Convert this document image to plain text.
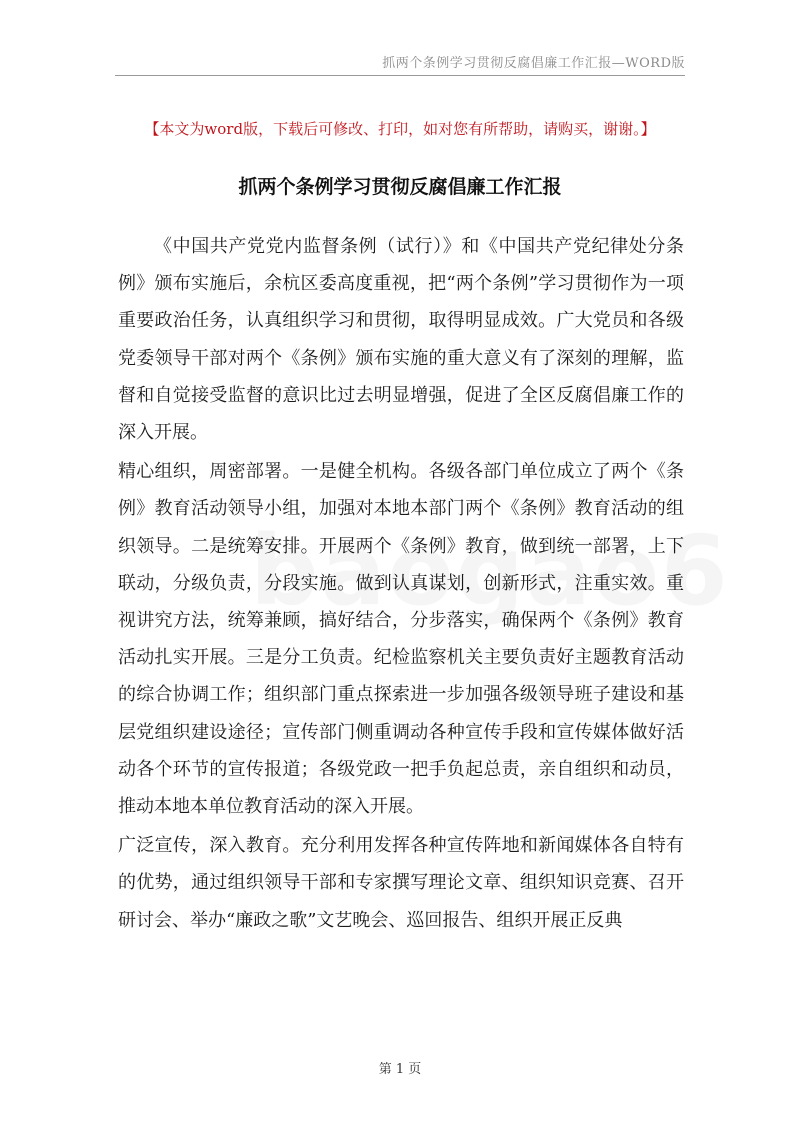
抓两个条例学习贯彻反腐倡廉工作汇报—WORD版
【本文为word版，下载后可修改、打印，如对您有所帮助，请购买，谢谢。】
抓两个条例学习贯彻反腐倡廉工作汇报

《中国共产党党内监督条例（试行）》和《中国共产党纪律处分条例》颁布实施后，余杭区委高度重视，把“两个条例”学习贯彻作为一项重要政治任务，认真组织学习和贯彻，取得明显成效。广大党员和各级党委领导干部对两个《条例》颁布实施的重大意义有了深刻的理解，监督和自觉接受监督的意识比过去明显增强，促进了全区反腐倡廉工作的深入开展。

精心组织，周密部署。一是健全机构。各级各部门单位成立了两个《条例》教育活动领导小组，加强对本地本部门两个《条例》教育活动的组织领导。二是统筹安排。开展两个《条例》教育，做到统一部署，上下联动，分级负责，分段实施。做到认真谋划，创新形式，注重实效。重视讲究方法，统筹兼顾，搞好结合，分步落实，确保两个《条例》教育活动扎实开展。三是分工负责。纪检监察机关主要负责好主题教育活动的综合协调工作；组织部门重点探索进一步加强各级领导班子建设和基层党组织建设途径；宣传部门侧重调动各种宣传手段和宣传媒体做好活动各个环节的宣传报道；各级党政一把手负起总责，亲自组织和动员，推动本地本单位教育活动的深入开展。

广泛宣传，深入教育。充分利用发挥各种宣传阵地和新闻媒体各自特有的优势，通过组织领导干部和专家撰写理论文章、组织知识竞赛、召开研讨会、举办“廉政之歌”文艺晚会、巡回报告、组织开展正反典

第 1 页
